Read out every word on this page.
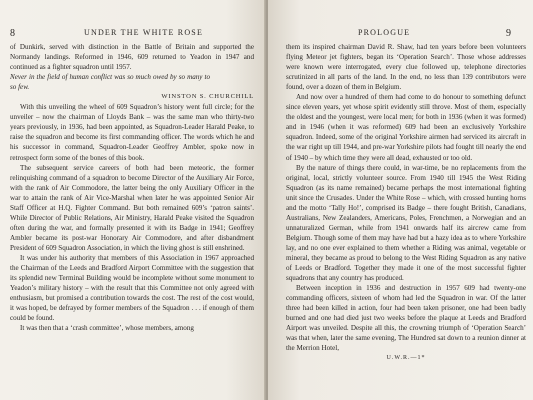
8	UNDER THE WHITE ROSE

of Dunkirk, served with distinction in the Battle of Britain and supported the Normandy landings. Reformed in 1946, 609 returned to Yeadon in 1947 and continued as a fighter squadron until 1957.

Never in the field of human conflict was so much owed by so many to so few.

WINSTON S. CHURCHILL

With this unveiling the wheel of 609 Squadron’s history went full circle; for the unveiler – now the chairman of Lloyds Bank – was the same man who thirty-two years previously, in 1936, had been appointed, as Squadron-Leader Harald Peake, to raise the squadron and become its first commanding officer. The words which he and his successor in command, Squadron-Leader Geoffrey Ambler, spoke now in retrospect form some of the bones of this book.

The subsequent service careers of both had been meteoric, the former relinquishing command of a squadron to become Director of the Auxiliary Air Force, with the rank of Air Commodore, the latter being the only Auxiliary Officer in the war to attain the rank of Air Vice-Marshal when later he was appointed Senior Air Staff Officer at H.Q. Fighter Command. But both remained 609’s ‘patron saints’. While Director of Public Relations, Air Ministry, Harald Peake visited the Squadron often during the war, and formally presented it with its Badge in 1941; Geoffrey Ambler became its post-war Honorary Air Commodore, and after disbandment President of 609 Squadron Association, in which the living ghost is still enshrined.

It was under his authority that members of this Association in 1967 approached the Chairman of the Leeds and Bradford Airport Committee with the suggestion that its splendid new Terminal Building would be incomplete without some monument to Yeadon’s military history – with the result that this Committee not only agreed with enthusiasm, but promised a contribution towards the cost. The rest of the cost would, it was hoped, be defrayed by former members of the Squadron . . . if enough of them could be found.

It was then that a ‘crash committee’, whose members, among

PROLOGUE	9

them its inspired chairman David R. Shaw, had ten years before been volunteers flying Meteor jet fighters, began its ‘Operation Search’. Those whose addresses were known were interrogated, every clue followed up, telephone directories scrutinized in all parts of the land. In the end, no less than 139 contributors were found, over a dozen of them in Belgium.

And now over a hundred of them had come to do honour to something defunct since eleven years, yet whose spirit evidently still throve. Most of them, especially the oldest and the youngest, were local men; for both in 1936 (when it was formed) and in 1946 (when it was reformed) 609 had been an exclusively Yorkshire squadron. Indeed, some of the original Yorkshire airmen had serviced its aircraft in the war right up till 1944, and pre-war Yorkshire pilots had fought till nearly the end of 1940 – by which time they were all dead, exhausted or too old.

By the nature of things there could, in war-time, be no replacements from the original, local, strictly volunteer source. From 1940 till 1945 the West Riding Squadron (as its name remained) became perhaps the most international fighting unit since the Crusades. Under the White Rose – which, with crossed hunting horns and the motto ‘Tally Ho!’, comprised its Badge – there fought British, Canadians, Australians, New Zealanders, Americans, Poles, Frenchmen, a Norwegian and an unnaturalized German, while from 1941 onwards half its aircrew came from Belgium. Though some of them may have had but a hazy idea as to where Yorkshire lay, and no one ever explained to them whether a Riding was animal, vegetable or mineral, they became as proud to belong to the West Riding Squadron as any native of Leeds or Bradford. Together they made it one of the most successful fighter squadrons that any country has produced.

Between inception in 1936 and destruction in 1957 609 had twenty-one commanding officers, sixteen of whom had led the Squadron in war. Of the latter three had been killed in action, four had been taken prisoner, one had been badly burned and one had died just two weeks before the plaque at Leeds and Bradford Airport was unveiled. Despite all this, the crowning triumph of ‘Operation Search’ was that when, later the same evening, The Hundred sat down to a reunion dinner at the Merrion Hotel,

U.W.R.—1*
